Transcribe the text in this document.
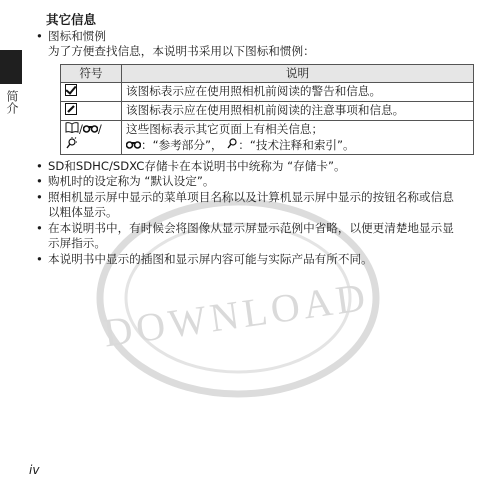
简介
DOWNLOAD
其它信息
• 图标和惯例
为了方便查找信息，本说明书采用以下图标和惯例：
符号	说明
	该图标表示应在使用照相机前阅读的警告和信息。
	该图标表示应在使用照相机前阅读的注意事项和信息。
/ /	这些图标表示其它页面上有相关信息；
：“参考部分”， ：“技术注释和索引”。
• SD和SDHC/SDXC存储卡在本说明书中统称为 “存储卡”。
• 购机时的设定称为 “默认设定”。
• 照相机显示屏中显示的菜单项目名称以及计算机显示屏中显示的按钮名称或信息以粗体显示。
• 在本说明书中，有时候会将图像从显示屏显示范例中省略，以便更清楚地显示显示屏指示。
• 本说明书中显示的插图和显示屏内容可能与实际产品有所不同。
iv
